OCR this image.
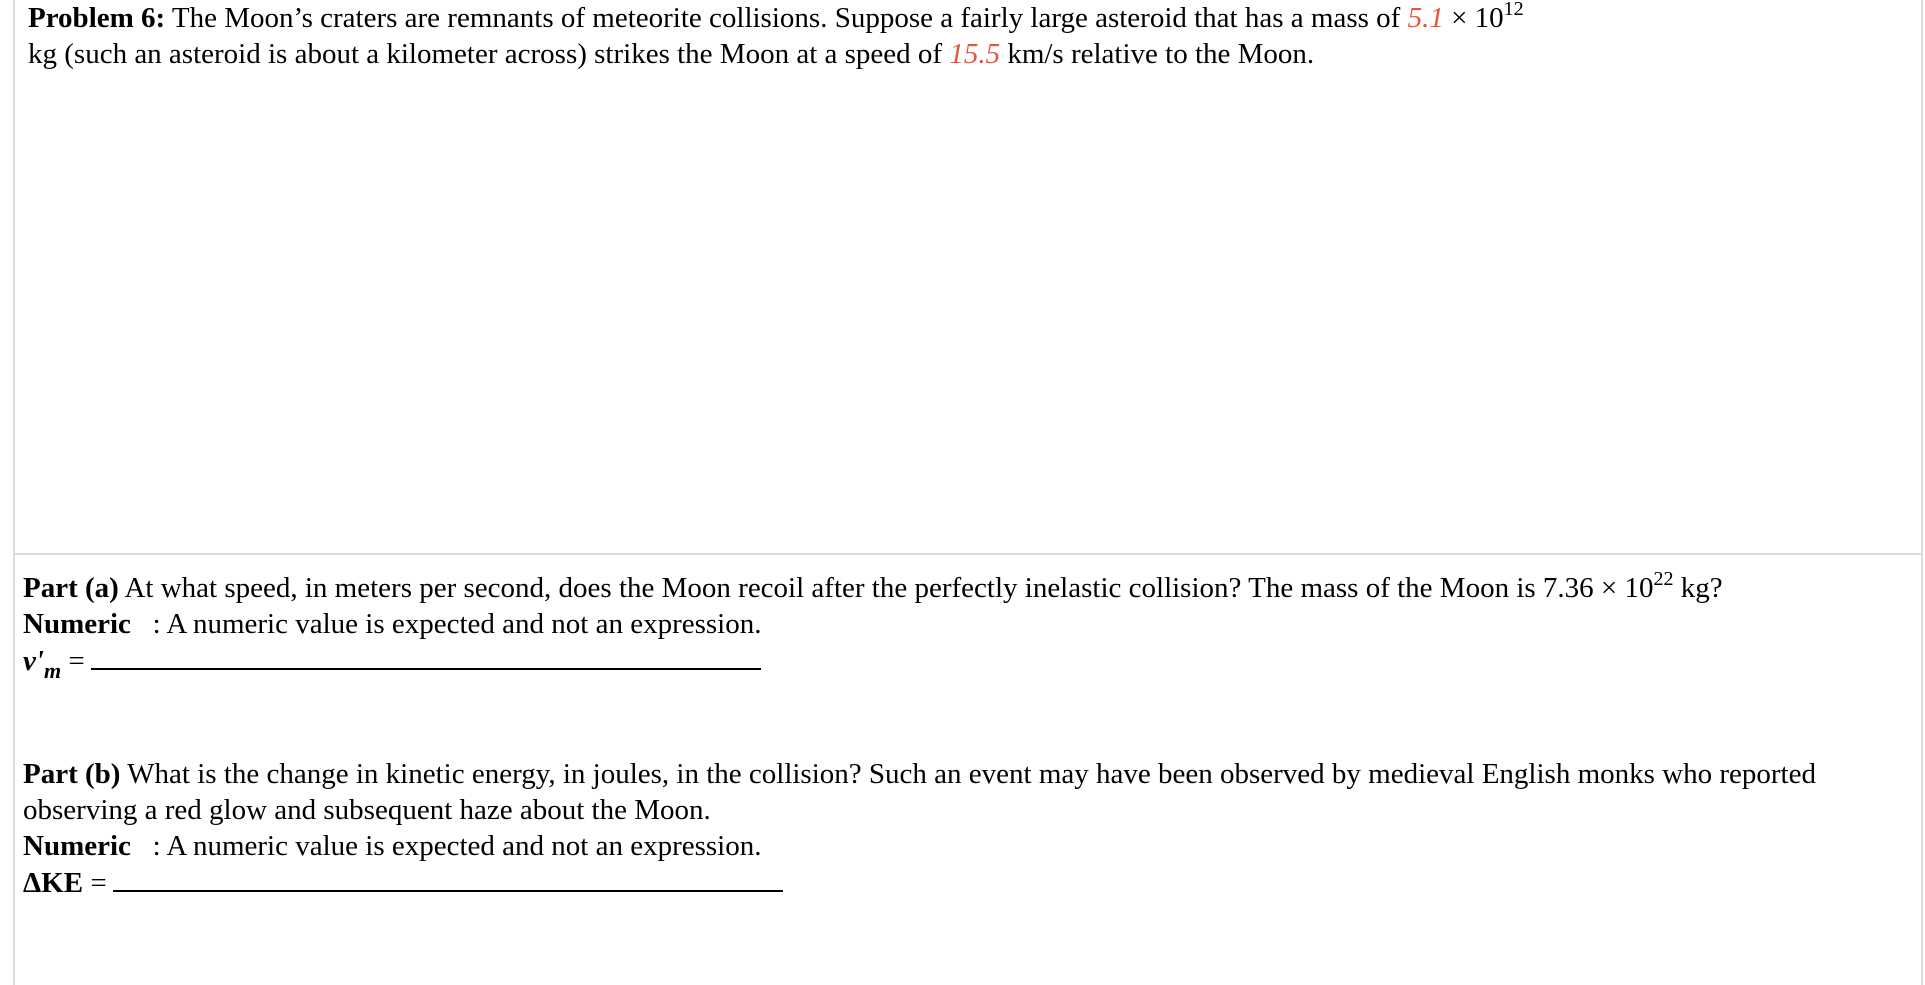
Problem 6: The Moon’s craters are remnants of meteorite collisions. Suppose a fairly large asteroid that has a mass of $5.1 \times 10^{12}$
kg (such an asteroid is about a kilometer across) strikes the Moon at a speed of 15.5 km/s relative to the Moon.
Part (a) At what speed, in meters per second, does the Moon recoil after the perfectly inelastic collision? The mass of the Moon is $7.36 \times 10^{22}$ kg?
Numeric : A numeric value is expected and not an expression.
$v'_m$ =
Part (b) What is the change in kinetic energy, in joules, in the collision? Such an event may have been observed by medieval English monks who reported observing a red glow and subsequent haze about the Moon.
Numeric : A numeric value is expected and not an expression.
ΔKE =
